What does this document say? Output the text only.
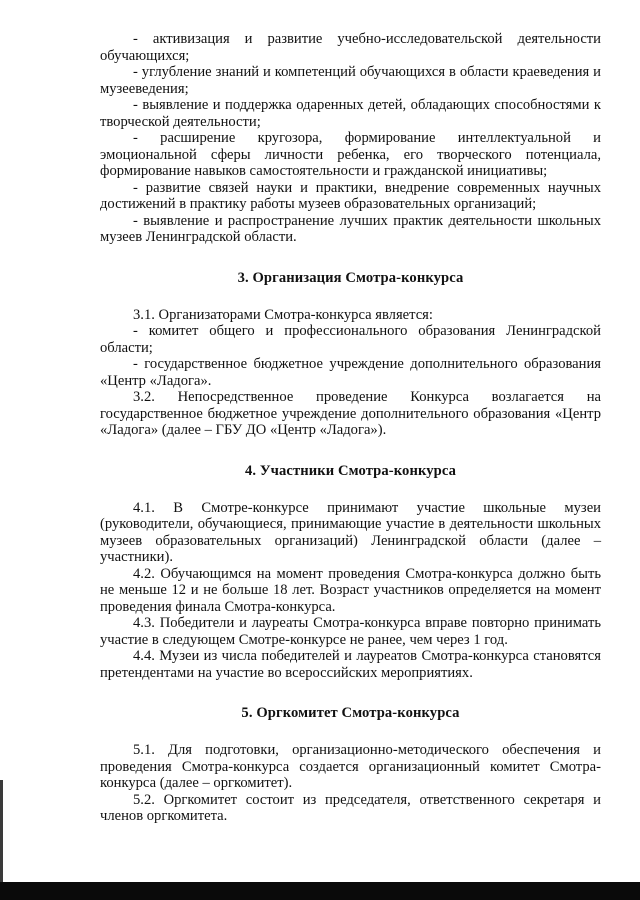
- активизация и развитие учебно-исследовательской деятельности обучающихся;

- углубление знаний и компетенций обучающихся в области краеведения и музееведения;

- выявление и поддержка одаренных детей, обладающих способностями к творческой деятельности;

- расширение кругозора, формирование интеллектуальной и эмоциональной сферы личности ребенка, его творческого потенциала, формирование навыков самостоятельности и гражданской инициативы;

- развитие связей науки и практики, внедрение современных научных достижений в практику работы музеев образовательных организаций;

- выявление и распространение лучших практик деятельности школьных музеев Ленинградской области.

3. Организация Смотра-конкурса

3.1. Организаторами Смотра-конкурса является:

- комитет общего и профессионального образования Ленинградской области;

- государственное бюджетное учреждение дополнительного образования «Центр «Ладога».

3.2. Непосредственное проведение Конкурса возлагается на государственное бюджетное учреждение дополнительного образования «Центр «Ладога» (далее – ГБУ ДО «Центр «Ладога»).

4. Участники Смотра-конкурса

4.1. В Смотре-конкурсе принимают участие школьные музеи (руководители, обучающиеся, принимающие участие в деятельности школьных музеев образовательных организаций) Ленинградской области (далее – участники).

4.2. Обучающимся на момент проведения Смотра-конкурса должно быть не меньше 12 и не больше 18 лет. Возраст участников определяется на момент проведения финала Смотра-конкурса.

4.3. Победители и лауреаты Смотра-конкурса вправе повторно принимать участие в следующем Смотре-конкурсе не ранее, чем через 1 год.

4.4. Музеи из числа победителей и лауреатов Смотра-конкурса становятся претендентами на участие во всероссийских мероприятиях.

5. Оргкомитет Смотра-конкурса

5.1. Для подготовки, организационно-методического обеспечения и проведения Смотра-конкурса создается организационный комитет Смотра-конкурса (далее – оргкомитет).

5.2. Оргкомитет состоит из председателя, ответственного секретаря и членов оргкомитета.
